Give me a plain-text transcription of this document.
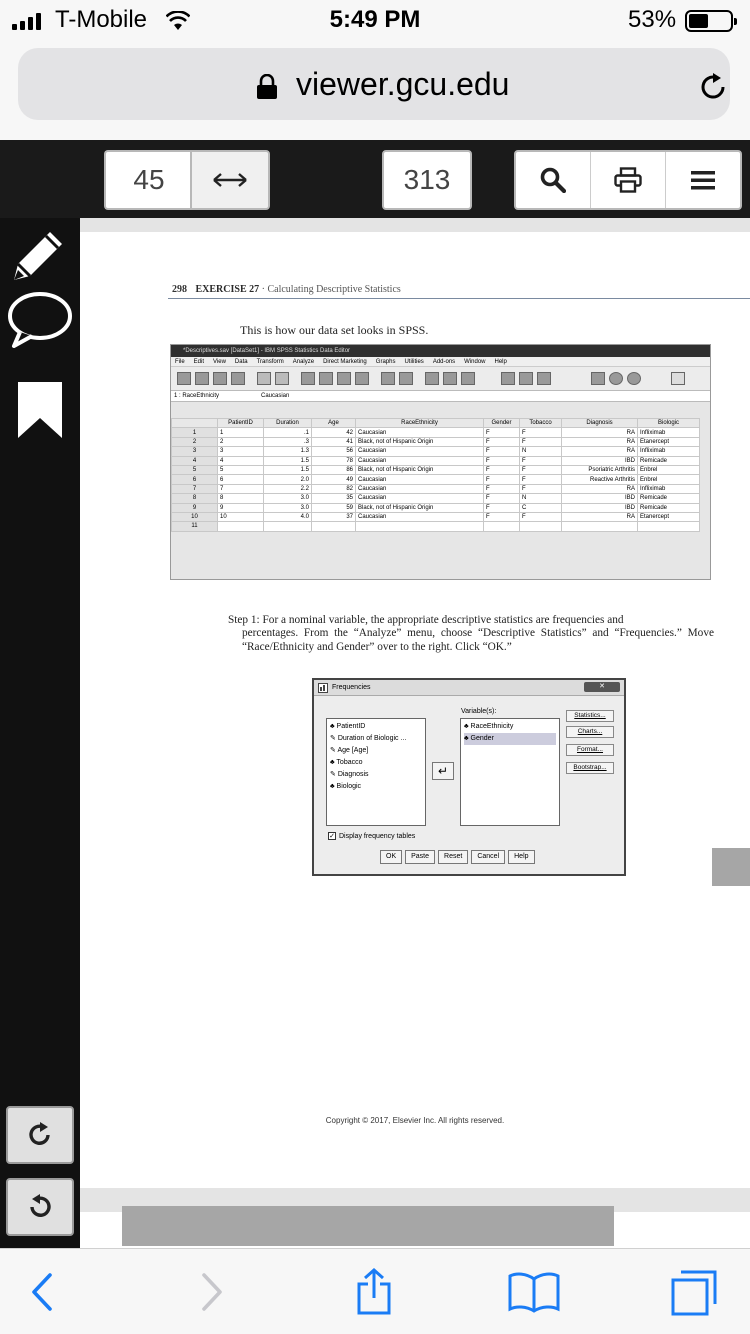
T-Mobile	5:49 PM	53%
viewer.gcu.edu
45	313
298 EXERCISE 27 · Calculating Descriptive Statistics
This is how our data set looks in SPSS.
*Descriptives.sav [DataSet1] - IBM SPSS Statistics Data Editor
File Edit View Data Transform Analyze Direct Marketing Graphs Utilities Add-ons Window Help
1 : RaceEthnicity	Caucasian
	PatientID	Duration	Age	RaceEthnicity	Gender	Tobacco	Diagnosis	Biologic
1	1	.1	42	Caucasian	F	F	RA	Infliximab
2	2	.3	41	Black, not of Hispanic Origin	F	F	RA	Etanercept
3	3	1.3	56	Caucasian	F	N	RA	Infliximab
4	4	1.5	78	Caucasian	F	F	IBD	Remicade
5	5	1.5	86	Black, not of Hispanic Origin	F	F	Psoriatric Arthritis	Enbrel
6	6	2.0	49	Caucasian	F	F	Reactive Arthritis	Enbrel
7	7	2.2	82	Caucasian	F	F	RA	Infliximab
8	8	3.0	35	Caucasian	F	N	IBD	Remicade
9	9	3.0	59	Black, not of Hispanic Origin	F	C	IBD	Remicade
10	10	4.0	37	Caucasian	F	F	RA	Etanercept
11								
Step 1: For a nominal variable, the appropriate descriptive statistics are frequencies and
percentages. From the “Analyze” menu, choose “Descriptive Statistics” and “Frequencies.” Move “Race/Ethnicity and Gender” over to the right. Click “OK.”
Frequencies	✕
♣ PatientID
✎ Duration of Biologic ...
✎ Age [Age]
♣ Tobacco
✎ Diagnosis
♣ Biologic
Variable(s):
♣ RaceEthnicity
♣ Gender
↵
Statistics...
Charts...
Format...
Bootstrap...
✓ Display frequency tables
OK	Paste	Reset	Cancel	Help
Copyright © 2017, Elsevier Inc. All rights reserved.
